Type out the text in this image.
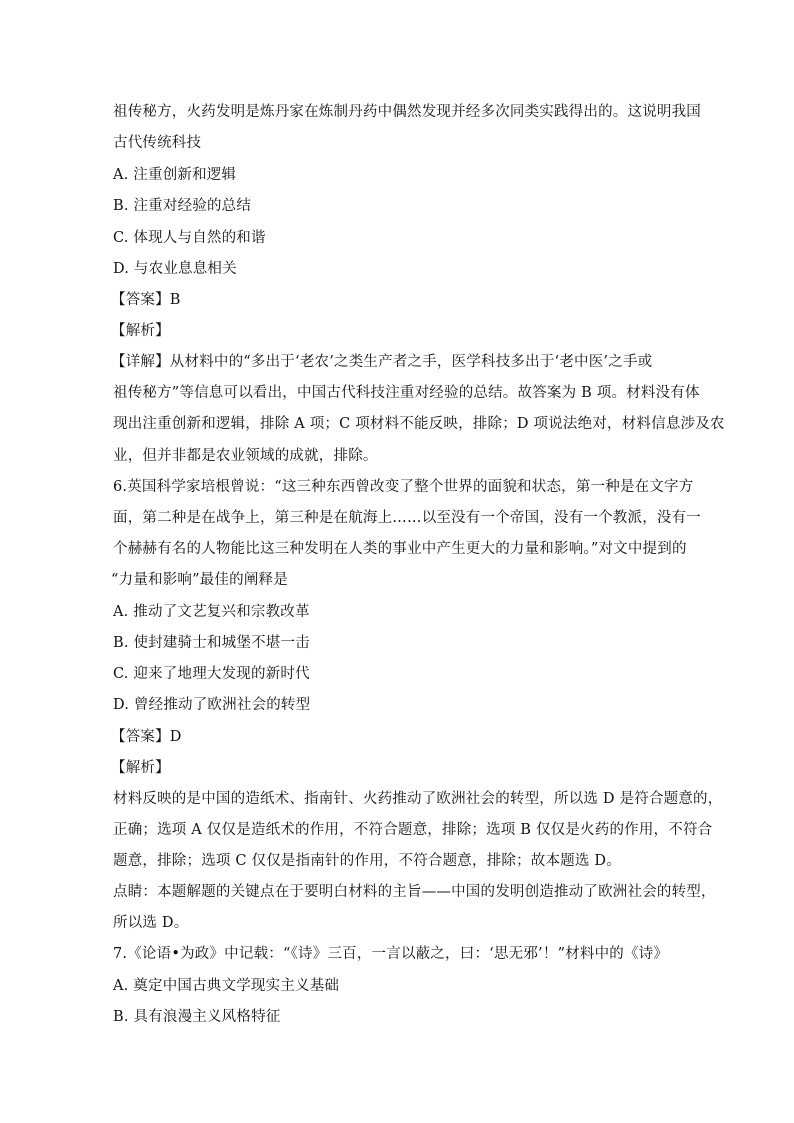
祖传秘方，火药发明是炼丹家在炼制丹药中偶然发现并经多次同类实践得出的。这说明我国
古代传统科技
A. 注重创新和逻辑
B. 注重对经验的总结
C. 体现人与自然的和谐
D. 与农业息息相关
【答案】B
【解析】
【详解】从材料中的“多出于‘老农’之类生产者之手，医学科技多出于‘老中医’之手或
祖传秘方”等信息可以看出，中国古代科技注重对经验的总结。故答案为 B 项。材料没有体
现出注重创新和逻辑，排除 A 项；C 项材料不能反映，排除；D 项说法绝对，材料信息涉及农
业，但并非都是农业领域的成就，排除。
6.英国科学家培根曾说：“这三种东西曾改变了整个世界的面貌和状态，第一种是在文字方
面，第二种是在战争上，第三种是在航海上……以至没有一个帝国，没有一个教派，没有一
个赫赫有名的人物能比这三种发明在人类的事业中产生更大的力量和影响。”对文中提到的
“力量和影响”最佳的阐释是
A. 推动了文艺复兴和宗教改革
B. 使封建骑士和城堡不堪一击
C. 迎来了地理大发现的新时代
D. 曾经推动了欧洲社会的转型
【答案】D
【解析】
材料反映的是中国的造纸术、指南针、火药推动了欧洲社会的转型，所以选 D 是符合题意的，
正确；选项 A 仅仅是造纸术的作用，不符合题意，排除；选项 B 仅仅是火药的作用，不符合
题意，排除；选项 C 仅仅是指南针的作用，不符合题意，排除；故本题选 D。
点睛：本题解题的关键点在于要明白材料的主旨——中国的发明创造推动了欧洲社会的转型，
所以选 D。
7.《论语•为政》中记载：“《诗》三百，一言以蔽之，曰：‘思无邪’！”材料中的《诗》
A. 奠定中国古典文学现实主义基础
B. 具有浪漫主义风格特征
